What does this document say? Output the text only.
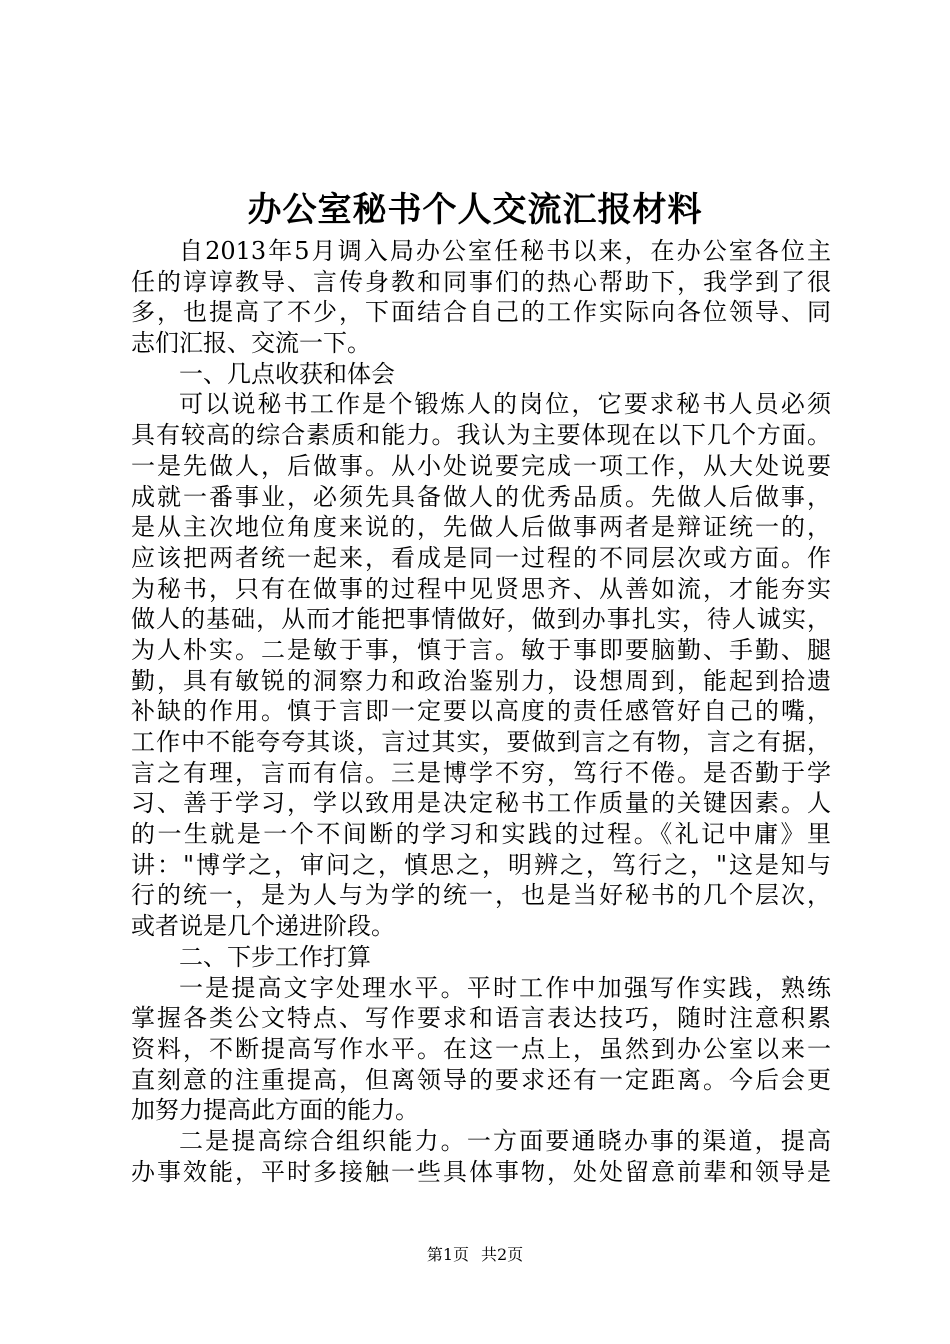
办公室秘书个人交流汇报材料
自2013年5月调入局办公室任秘书以来，在办公室各位主
任的谆谆教导、言传身教和同事们的热心帮助下，我学到了很
多，也提高了不少，下面结合自己的工作实际向各位领导、同
志们汇报、交流一下。
一、几点收获和体会
可以说秘书工作是个锻炼人的岗位，它要求秘书人员必须
具有较高的综合素质和能力。我认为主要体现在以下几个方面。
一是先做人，后做事。从小处说要完成一项工作，从大处说要
成就一番事业，必须先具备做人的优秀品质。先做人后做事，
是从主次地位角度来说的，先做人后做事两者是辩证统一的，
应该把两者统一起来，看成是同一过程的不同层次或方面。作
为秘书，只有在做事的过程中见贤思齐、从善如流，才能夯实
做人的基础，从而才能把事情做好，做到办事扎实，待人诚实，
为人朴实。二是敏于事，慎于言。敏于事即要脑勤、手勤、腿
勤，具有敏锐的洞察力和政治鉴别力，设想周到，能起到拾遗
补缺的作用。慎于言即一定要以高度的责任感管好自己的嘴，
工作中不能夸夸其谈，言过其实，要做到言之有物，言之有据，
言之有理，言而有信。三是博学不穷，笃行不倦。是否勤于学
习、善于学习，学以致用是决定秘书工作质量的关键因素。人
的一生就是一个不间断的学习和实践的过程。《礼记中庸》里
讲："博学之，审问之，慎思之，明辨之，笃行之，"这是知与
行的统一，是为人与为学的统一，也是当好秘书的几个层次，
或者说是几个递进阶段。
二、下步工作打算
一是提高文字处理水平。平时工作中加强写作实践，熟练
掌握各类公文特点、写作要求和语言表达技巧，随时注意积累
资料，不断提高写作水平。在这一点上，虽然到办公室以来一
直刻意的注重提高，但离领导的要求还有一定距离。今后会更
加努力提高此方面的能力。
二是提高综合组织能力。一方面要通晓办事的渠道，提高
办事效能，平时多接触一些具体事物，处处留意前辈和领导是
第1页 共2页
